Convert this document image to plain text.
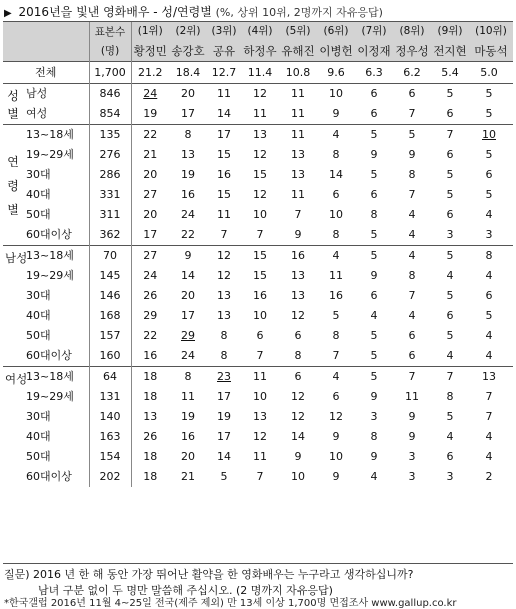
▶ 2016년을 빛낸 영화배우 - 성/연령별 (%, 상위 10위, 2명까지 자유응답)
		표본수
(명)	(1위)	(2위)	(3위)	(4위)	(5위)	(6위)	(7위)	(8위)	(9위)	(10위)
			황정민	송강호	공유	하정우	유해진	이병헌	이정재	정우성	전지현	마동석
전체		1,700	21.2	18.4	12.7	11.4	10.8	9.6	6.3	6.2	5.4	5.0
성별	남성	846	24	20	11	12	11	10	6	6	5	5
	여성	854	19	17	14	11	11	9	6	7	6	5
연령별	13~18세	135	22	8	17	13	11	4	5	5	7	10
	19~29세	276	21	13	15	12	13	8	9	9	6	5
	30대	286	20	19	16	15	13	14	5	8	5	6
	40대	331	27	16	15	12	11	6	6	7	5	5
	50대	311	20	24	11	10	7	10	8	4	6	4
	60대이상	362	17	22	7	7	9	8	5	4	3	3
남성	13~18세	70	27	9	12	15	16	4	5	4	5	8
	19~29세	145	24	14	12	15	13	11	9	8	4	4
	30대	146	26	20	13	16	13	16	6	7	5	6
	40대	168	29	17	13	10	12	5	4	4	6	5
	50대	157	22	29	8	6	6	8	5	6	5	4
	60대이상	160	16	24	8	7	8	7	5	6	4	4
여성	13~18세	64	18	8	23	11	6	4	5	7	7	13
	19~29세	131	18	11	17	10	12	6	9	11	8	7
	30대	140	13	19	19	13	12	12	3	9	5	7
	40대	163	26	16	17	12	14	9	8	9	4	4
	50대	154	18	20	14	11	9	10	9	3	6	4
	60대이상	202	18	21	5	7	10	9	4	3	3	2
질문) 2016 년 한 해 동안 가장 뛰어난 활약을 한 영화배우는 누구라고 생각하십니까?
남녀 구분 없이 두 명만 말씀해 주십시오. (2 명까지 자유응답)
*한국갤럽 2016년 11월 4~25일 전국(제주 제외) 만 13세 이상 1,700명 면접조사 www.gallup.co.kr
